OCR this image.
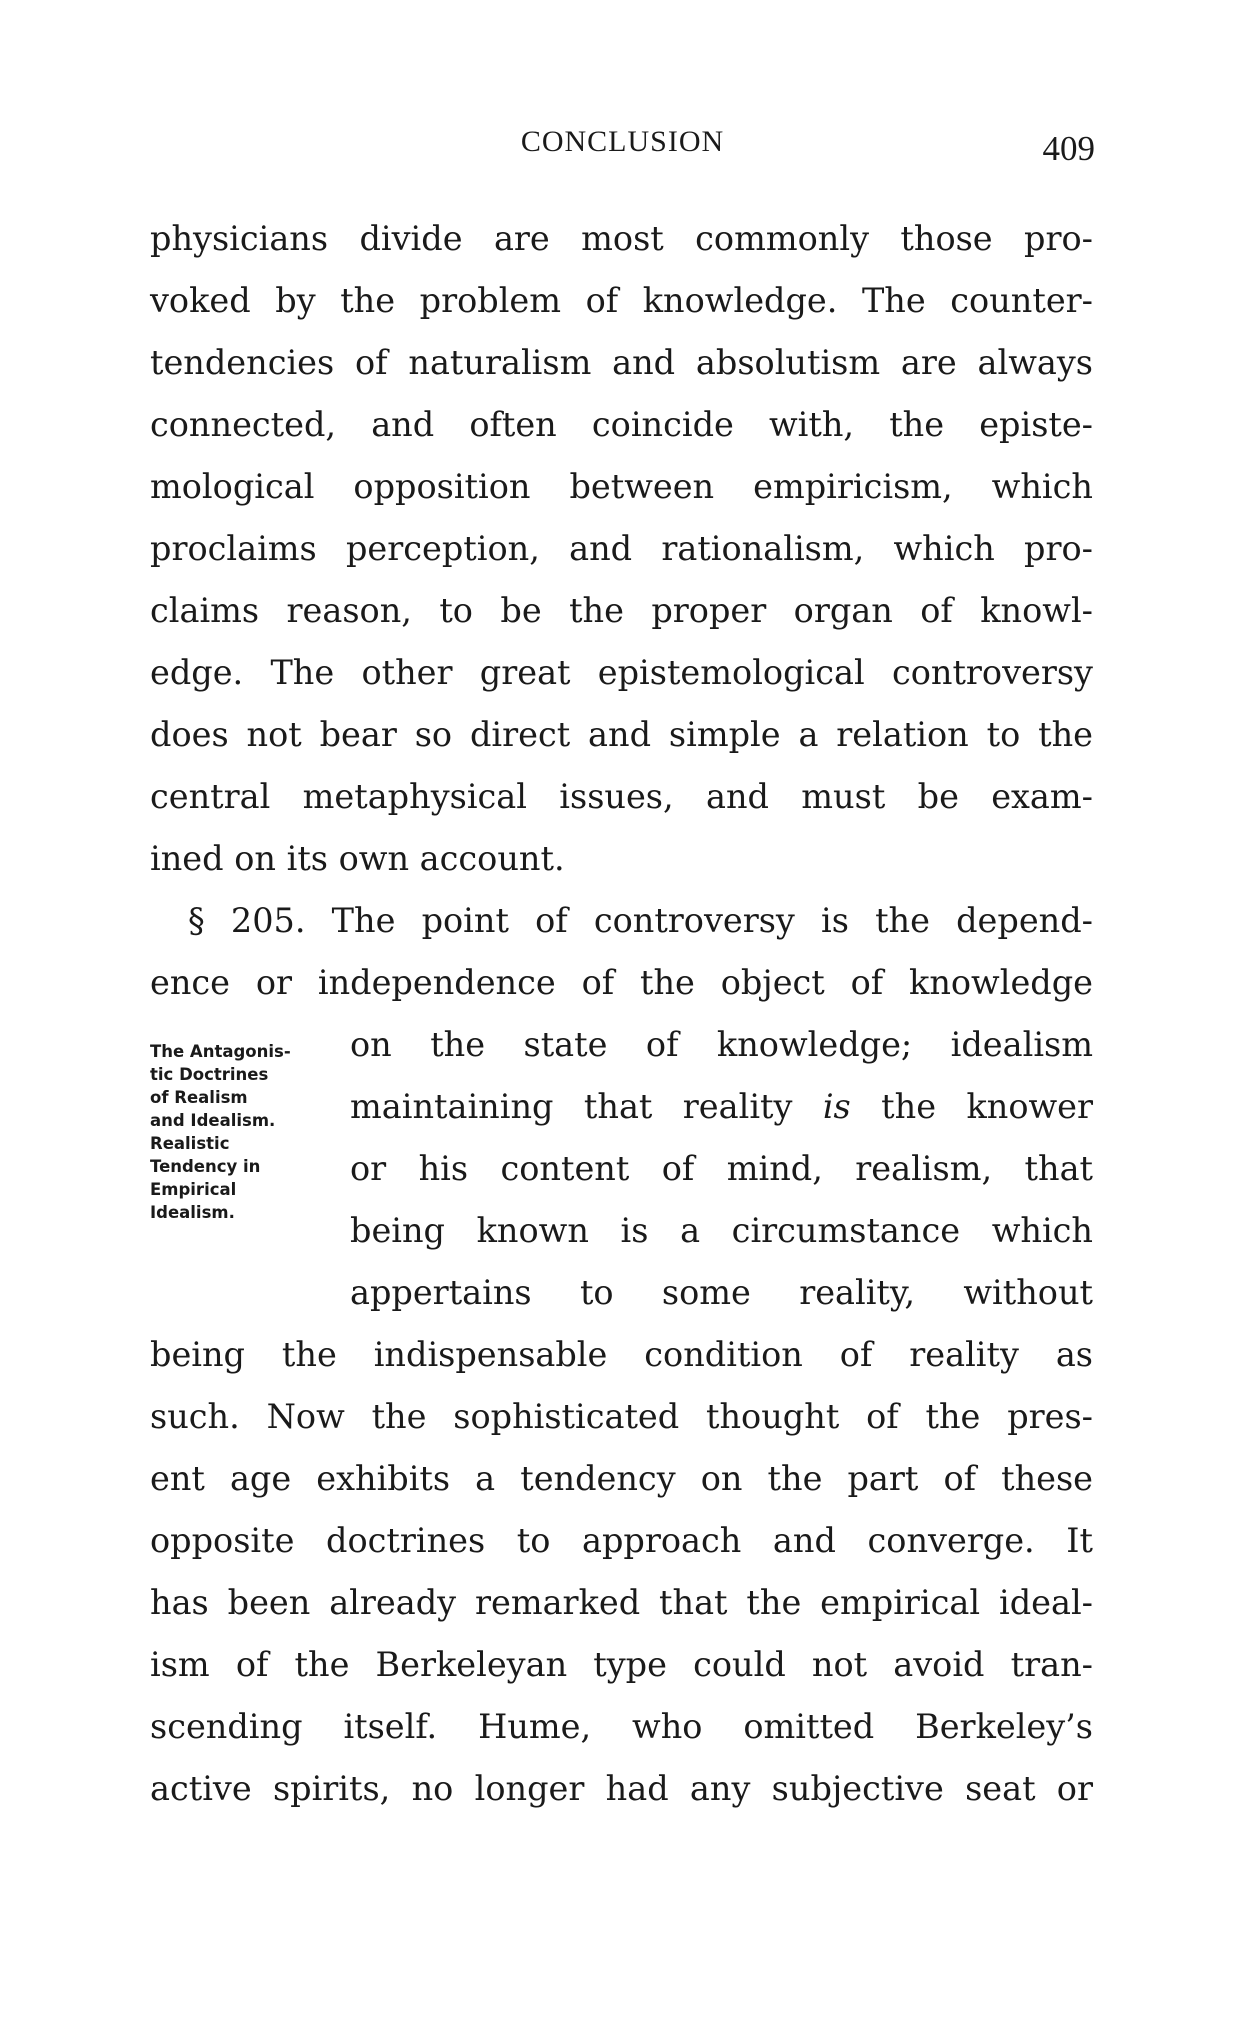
CONCLUSION	409
The Antagonis-
tic Doctrines
of Realism
and Idealism.
Realistic
Tendency in
Empirical
Idealism.
physicians divide are most commonly those pro-
voked by the problem of knowledge. The counter-
tendencies of naturalism and absolutism are always
connected, and often coincide with, the episte-
mological opposition between empiricism, which
proclaims perception, and rationalism, which pro-
claims reason, to be the proper organ of knowl-
edge. The other great epistemological controversy
does not bear so direct and simple a relation to the
central metaphysical issues, and must be exam-
ined on its own account.
§ 205. The point of controversy is the depend-
ence or independence of the object of knowledge
on the state of knowledge; idealism
maintaining that reality is the knower
or his content of mind, realism, that
being known is a circumstance which
appertains to some reality, without
being the indispensable condition of reality as
such. Now the sophisticated thought of the pres-
ent age exhibits a tendency on the part of these
opposite doctrines to approach and converge. It
has been already remarked that the empirical ideal-
ism of the Berkeleyan type could not avoid tran-
scending itself. Hume, who omitted Berkeley’s
active spirits, no longer had any subjective seat or
